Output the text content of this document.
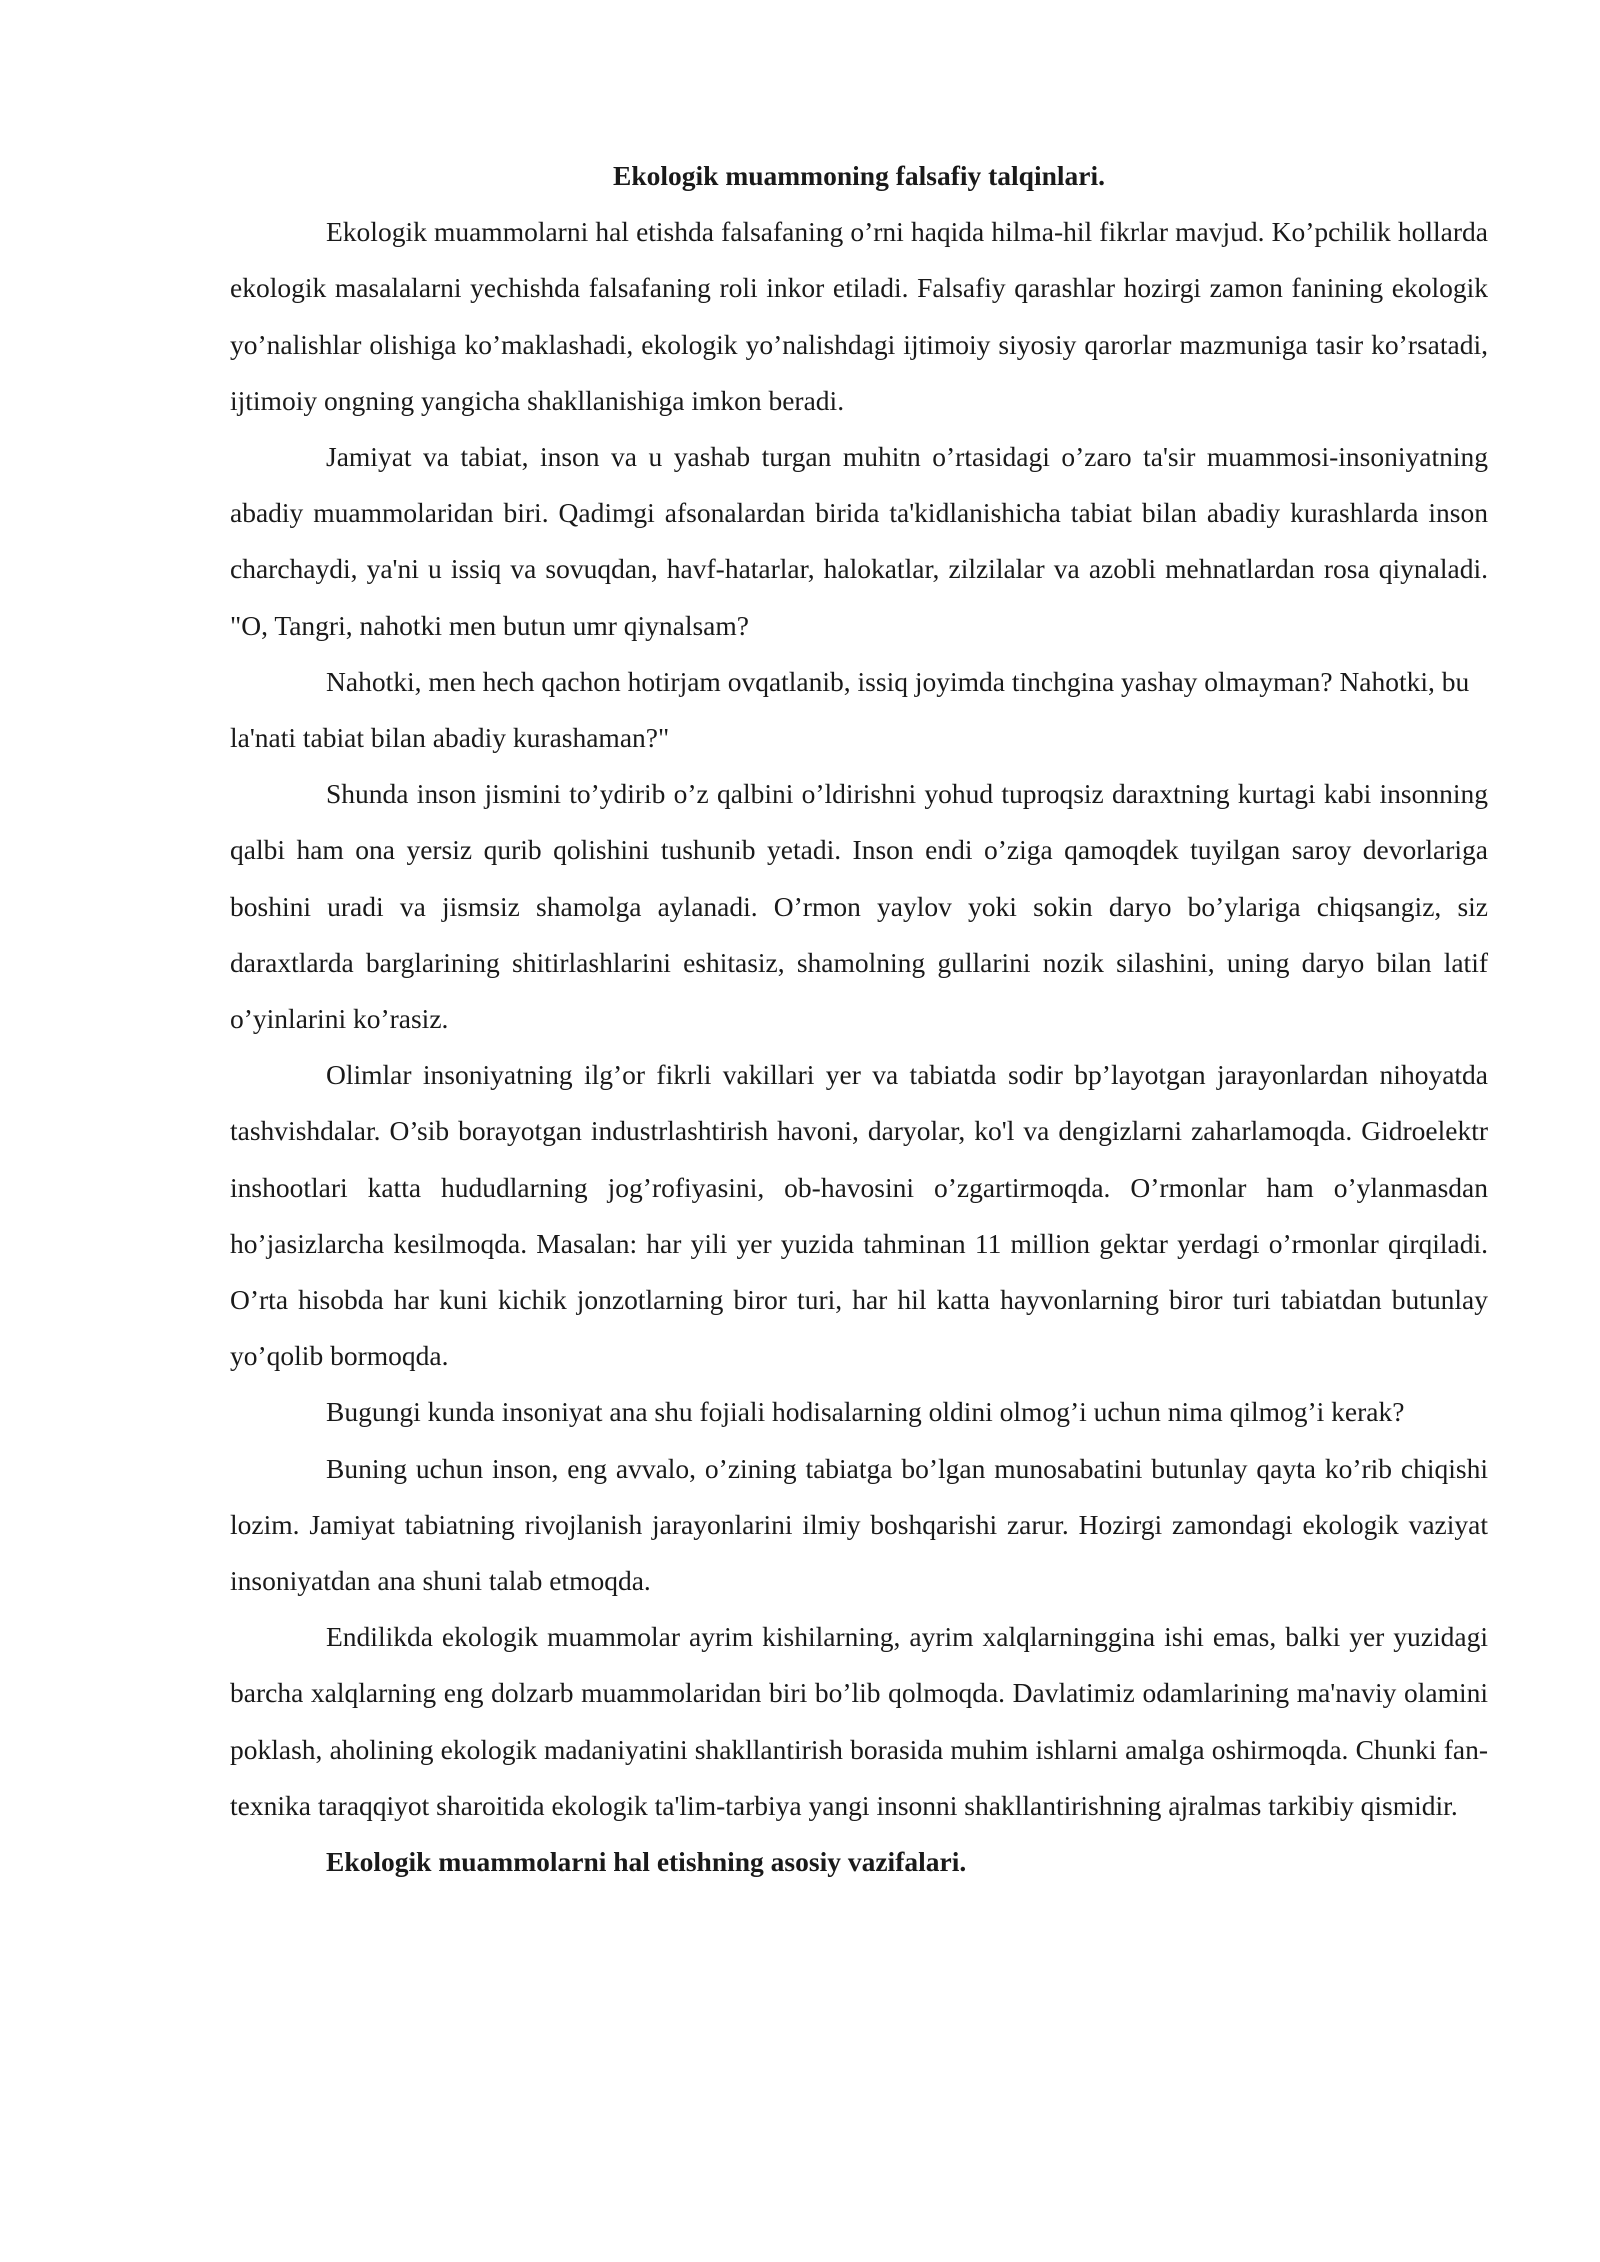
Ekologik muammoning falsafiy talqinlari.

Ekologik muammolarni hal etishda falsafaning o’rni haqida hilma-hil fikrlar mavjud. Ko’pchilik hollarda ekologik masalalarni yechishda falsafaning roli inkor etiladi. Falsafiy qarashlar hozirgi zamon fanining ekologik yo’nalishlar olishiga ko’maklashadi, ekologik yo’nalishdagi ijtimoiy siyosiy qarorlar mazmuniga tasir ko’rsatadi, ijtimoiy ongning yangicha shakllanishiga imkon beradi.

Jamiyat va tabiat, inson va u yashab turgan muhitn o’rtasidagi o’zaro ta'sir muammosi-insoniyatning abadiy muammolaridan biri. Qadimgi afsonalardan birida ta'kidlanishicha tabiat bilan abadiy kurashlarda inson charchaydi, ya'ni u issiq va sovuqdan, havf-hatarlar, halokatlar, zilzilalar va azobli mehnatlardan rosa qiynaladi. "O, Tangri, nahotki men butun umr qiynalsam?

Nahotki, men hech qachon hotirjam ovqatlanib, issiq joyimda tinchgina yashay olmayman? Nahotki, bu la'nati tabiat bilan abadiy kurashaman?"

Shunda inson jismini to’ydirib o’z qalbini o’ldirishni yohud tuproqsiz daraxtning kurtagi kabi insonning qalbi ham ona yersiz qurib qolishini tushunib yetadi. Inson endi o’ziga qamoqdek tuyilgan saroy devorlariga boshini uradi va jismsiz shamolga aylanadi. O’rmon yaylov yoki sokin daryo bo’ylariga chiqsangiz, siz daraxtlarda barglarining shitirlashlarini eshitasiz, shamolning gullarini nozik silashini, uning daryo bilan latif o’yinlarini ko’rasiz.

Olimlar insoniyatning ilg’or fikrli vakillari yer va tabiatda sodir bp’layotgan jarayonlardan nihoyatda tashvishdalar. O’sib borayotgan industrlashtirish havoni, daryolar, ko'l va dengizlarni zaharlamoqda. Gidroelektr inshootlari katta hududlarning jog’rofiyasini, ob-havosini o’zgartirmoqda. O’rmonlar ham o’ylanmasdan ho’jasizlarcha kesilmoqda. Masalan: har yili yer yuzida tahminan 11 million gektar yerdagi o’rmonlar qirqiladi. O’rta hisobda har kuni kichik jonzotlarning biror turi, har hil katta hayvonlarning biror turi tabiatdan butunlay yo’qolib bormoqda.

Bugungi kunda insoniyat ana shu fojiali hodisalarning oldini olmog’i uchun nima qilmog’i kerak?

Buning uchun inson, eng avvalo, o’zining tabiatga bo’lgan munosabatini butunlay qayta ko’rib chiqishi lozim. Jamiyat tabiatning rivojlanish jarayonlarini ilmiy boshqarishi zarur. Hozirgi zamondagi ekologik vaziyat insoniyatdan ana shuni talab etmoqda.

Endilikda ekologik muammolar ayrim kishilarning, ayrim xalqlarninggina ishi emas, balki yer yuzidagi barcha xalqlarning eng dolzarb muammolaridan biri bo’lib qolmoqda. Davlatimiz odamlarining ma'naviy olamini poklash, aholining ekologik madaniyatini shakllantirish borasida muhim ishlarni amalga oshirmoqda. Chunki fan-texnika taraqqiyot sharoitida ekologik ta'lim-tarbiya yangi insonni shakllantirishning ajralmas tarkibiy qismidir.

Ekologik muammolarni hal etishning asosiy vazifalari.
